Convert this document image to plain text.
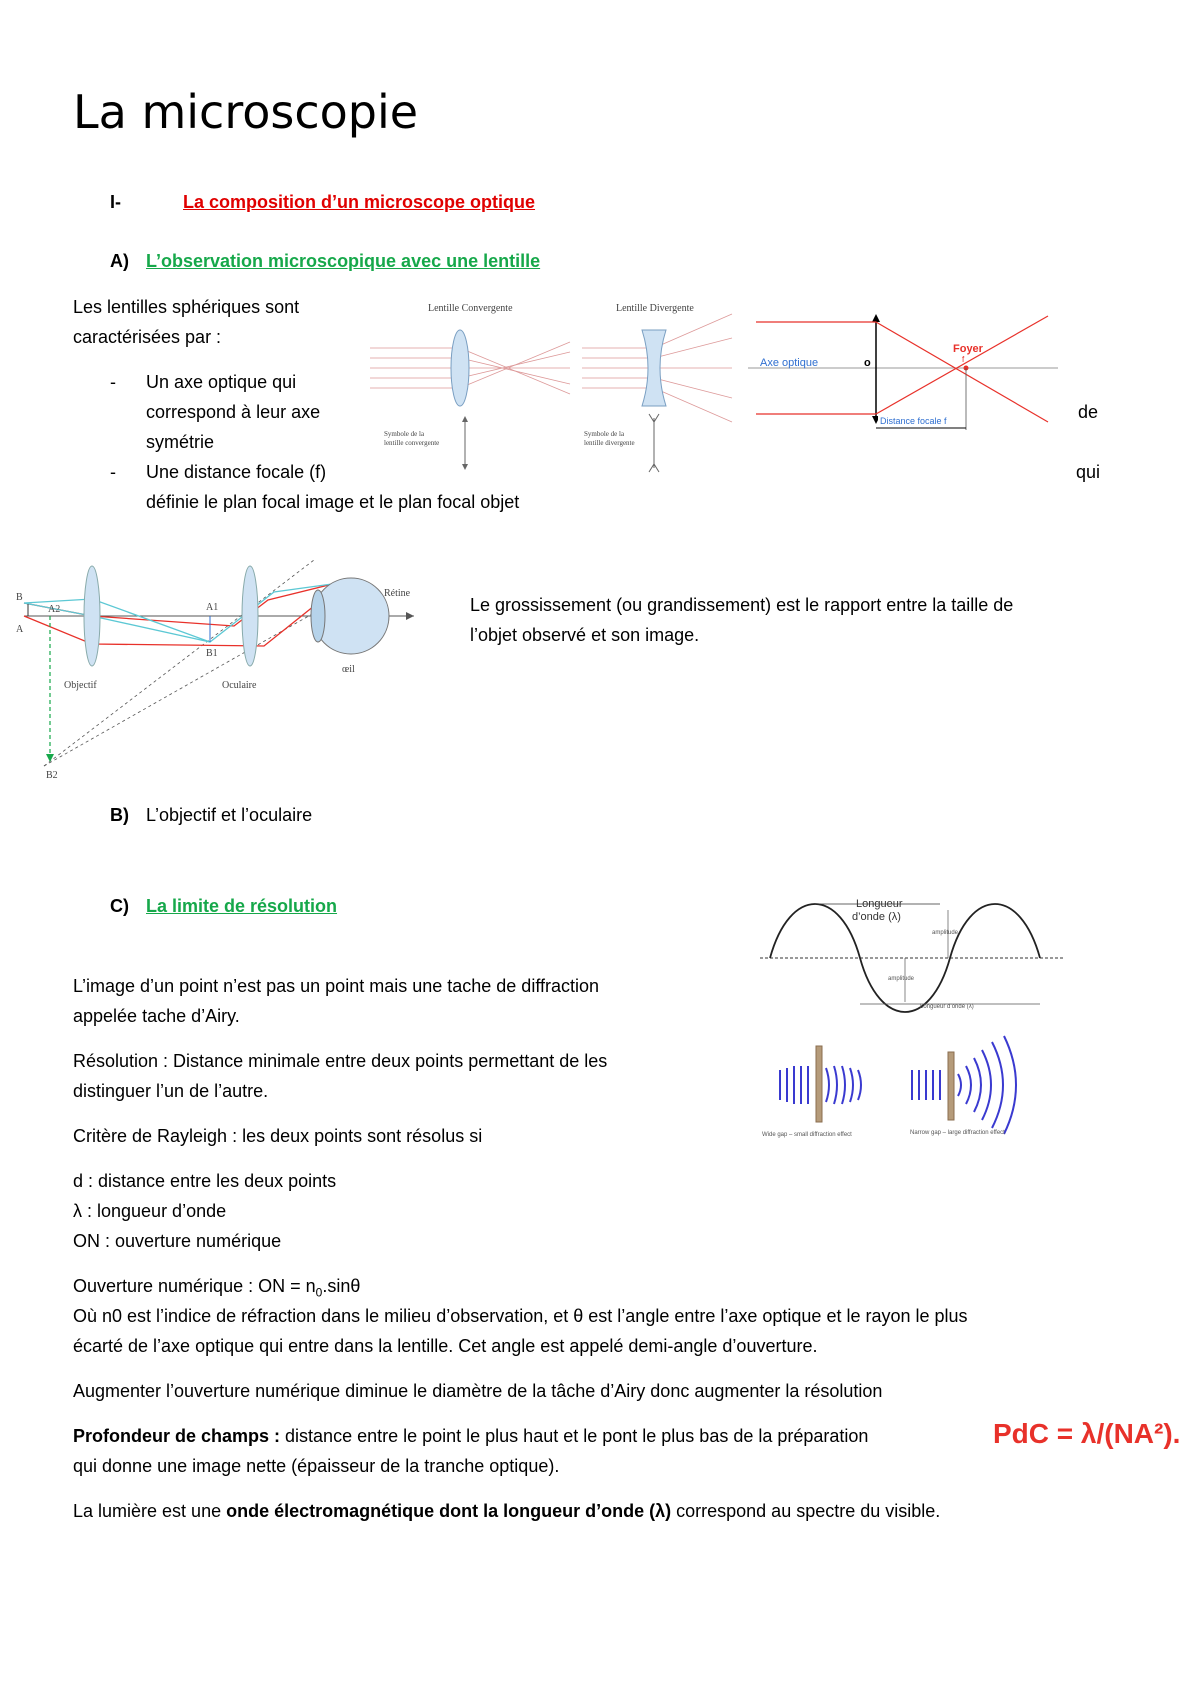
La microscopie
I-	La composition d’un microscope optique
A) L’observation microscopique avec une lentille
Les lentilles sphériques sont
caractérisées par :
- Un axe optique qui
correspond à leur axe	de
symétrie
- Une distance focale (f)	qui
définie le plan focal image et le plan focal objet
Lentille Convergente
Symbole de la
lentille convergente
Lentille Divergente
Symbole de la
lentille divergente
Axe optique	o
Foyer
f
Distance focale f
B
A
A2	A1
B1
B2
Rétine
Objectif	Oculaire
œil
Le grossissement (ou grandissement) est le rapport entre la taille de
l’objet observé et son image.
B) L’objectif et l’oculaire
C) La limite de résolution	Longueur
d’onde (λ)
amplitude
amplitude
Longueur d’onde (λ)
Wide gap – small diffraction effect	Narrow gap – large diffraction effect
L’image d’un point n’est pas un point mais une tache de diffraction
appelée tache d’Airy.
Résolution : Distance minimale entre deux points permettant de les
distinguer l’un de l’autre.
Critère de Rayleigh : les deux points sont résolus si
d : distance entre les deux points
λ : longueur d’onde
ON : ouverture numérique
Ouverture numérique : ON = $n_0.\sin\theta$
Où n0 est l’indice de réfraction dans le milieu d’observation, et θ est l’angle entre l’axe optique et le rayon le plus
écarté de l’axe optique qui entre dans la lentille. Cet angle est appelé demi-angle d’ouverture.
Augmenter l’ouverture numérique diminue le diamètre de la tâche d’Airy donc augmenter la résolution
Profondeur de champs : distance entre le point le plus haut et le pont le plus bas de la préparation
qui donne une image nette (épaisseur de la tranche optique).
PdC = λ/(NA²).
La lumière est une onde électromagnétique dont la longueur d’onde (λ) correspond au spectre du visible.
